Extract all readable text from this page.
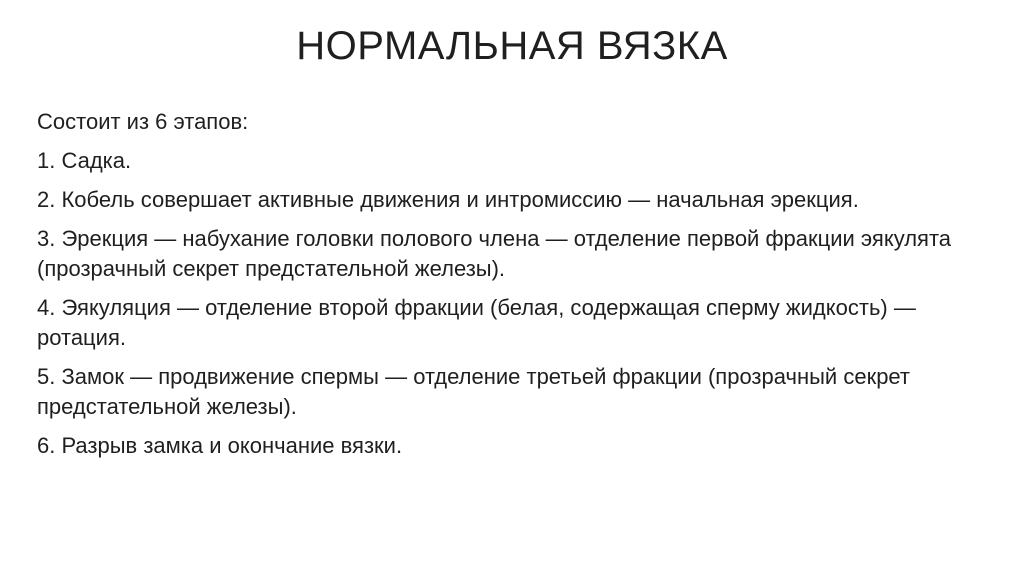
НОРМАЛЬНАЯ ВЯЗКА

Состоит из 6 этапов:

1. Садка.
2. Кобель совершает активные движения и интромиссию — начальная эрекция.
3. Эрекция — набухание головки полового члена — отделение первой фракции эякулята (прозрачный секрет предстательной железы).
4. Эякуляция — отделение второй фракции (белая, содержащая сперму жидкость) — ротация.
5. Замок — продвижение спермы — отделение третьей фракции (прозрачный секрет предстательной железы).
6. Разрыв замка и окончание вязки.
